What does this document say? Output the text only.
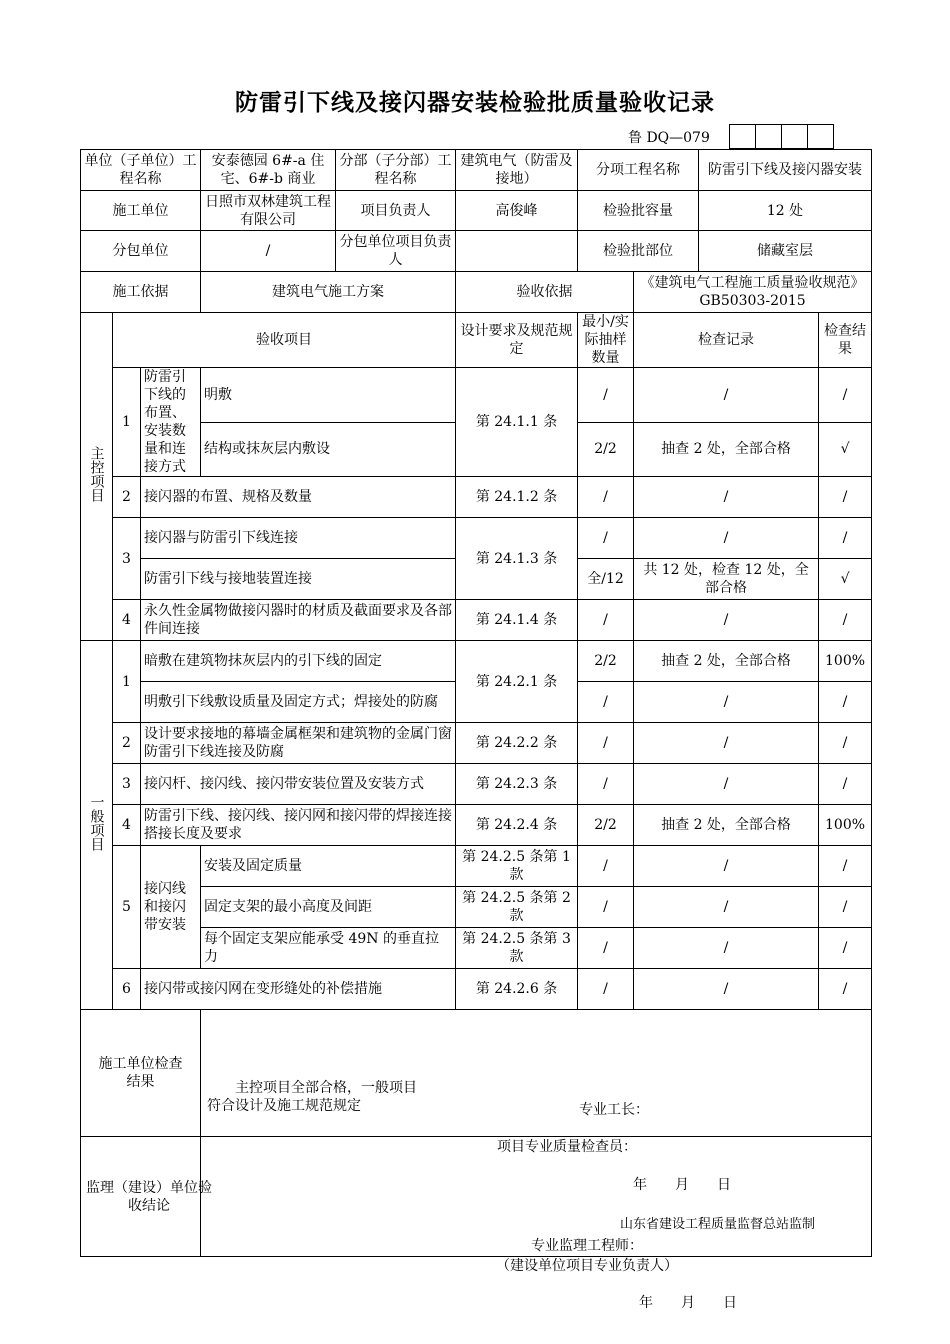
防雷引下线及接闪器安装检验批质量验收记录
鲁 DQ—079
单位（子单位）工程名称			安泰德园 6#-a 住宅、6#-b 商业	分部（子分部）工程名称	建筑电气（防雷及接地）	分项工程名称		防雷引下线及接闪器安装	
施工单位			日照市双林建筑工程有限公司	项目负责人	高俊峰	检验批容量		12 处	
分包单位			/	分包单位项目负责人		检验批部位		储藏室层	
施工依据			建筑电气施工方案		验收依据		《建筑电气工程施工质量验收规范》GB50303-2015		
主控项目	验收项目				设计要求及规范规定	最小/实际抽样数量	检查记录		检查结果
	1	防雷引下线的布置、安装数量和连接方式	明敷		第 24.1.1 条	/	/		/
			结构或抹灰层内敷设			2/2	抽查 2 处，全部合格		√
	2	接闪器的布置、规格及数量			第 24.1.2 条	/	/		/
	3	接闪器与防雷引下线连接			第 24.1.3 条	/	/		/
		防雷引下线与接地装置连接				全/12	共 12 处，检查 12 处，全部合格		√
	4	永久性金属物做接闪器时的材质及截面要求及各部件间连接			第 24.1.4 条	/	/		/
一般项目	1	暗敷在建筑物抹灰层内的引下线的固定			第 24.2.1 条	2/2	抽查 2 处，全部合格		100%
		明敷引下线敷设质量及固定方式；焊接处的防腐				/	/		/
	2	设计要求接地的幕墙金属框架和建筑物的金属门窗防雷引下线连接及防腐			第 24.2.2 条	/	/		/
	3	接闪杆、接闪线、接闪带安装位置及安装方式			第 24.2.3 条	/	/		/
	4	防雷引下线、接闪线、接闪网和接闪带的焊接连接搭接长度及要求			第 24.2.4 条	2/2	抽查 2 处，全部合格		100%
	5	接闪线和接闪带安装	安装及固定质量		第 24.2.5 条第 1 款	/	/		/
			固定支架的最小高度及间距		第 24.2.5 条第 2 款	/	/		/
			每个固定支架应能承受 49N 的垂直拉力		第 24.2.5 条第 3 款	/	/		/
	6	接闪带或接闪网在变形缝处的补偿措施			第 24.2.6 条	/	/		/

施工单位检查结果			主控项目全部合格，一般项目符合设计及施工规范规定 专业工长：
项目专业质量检查员：
年　　月　　日						

监理（建设）单位验收结论			专业监理工程师：
（建设单位项目专业负责人）
年　　月　　日						
山东省建设工程质量监督总站监制
